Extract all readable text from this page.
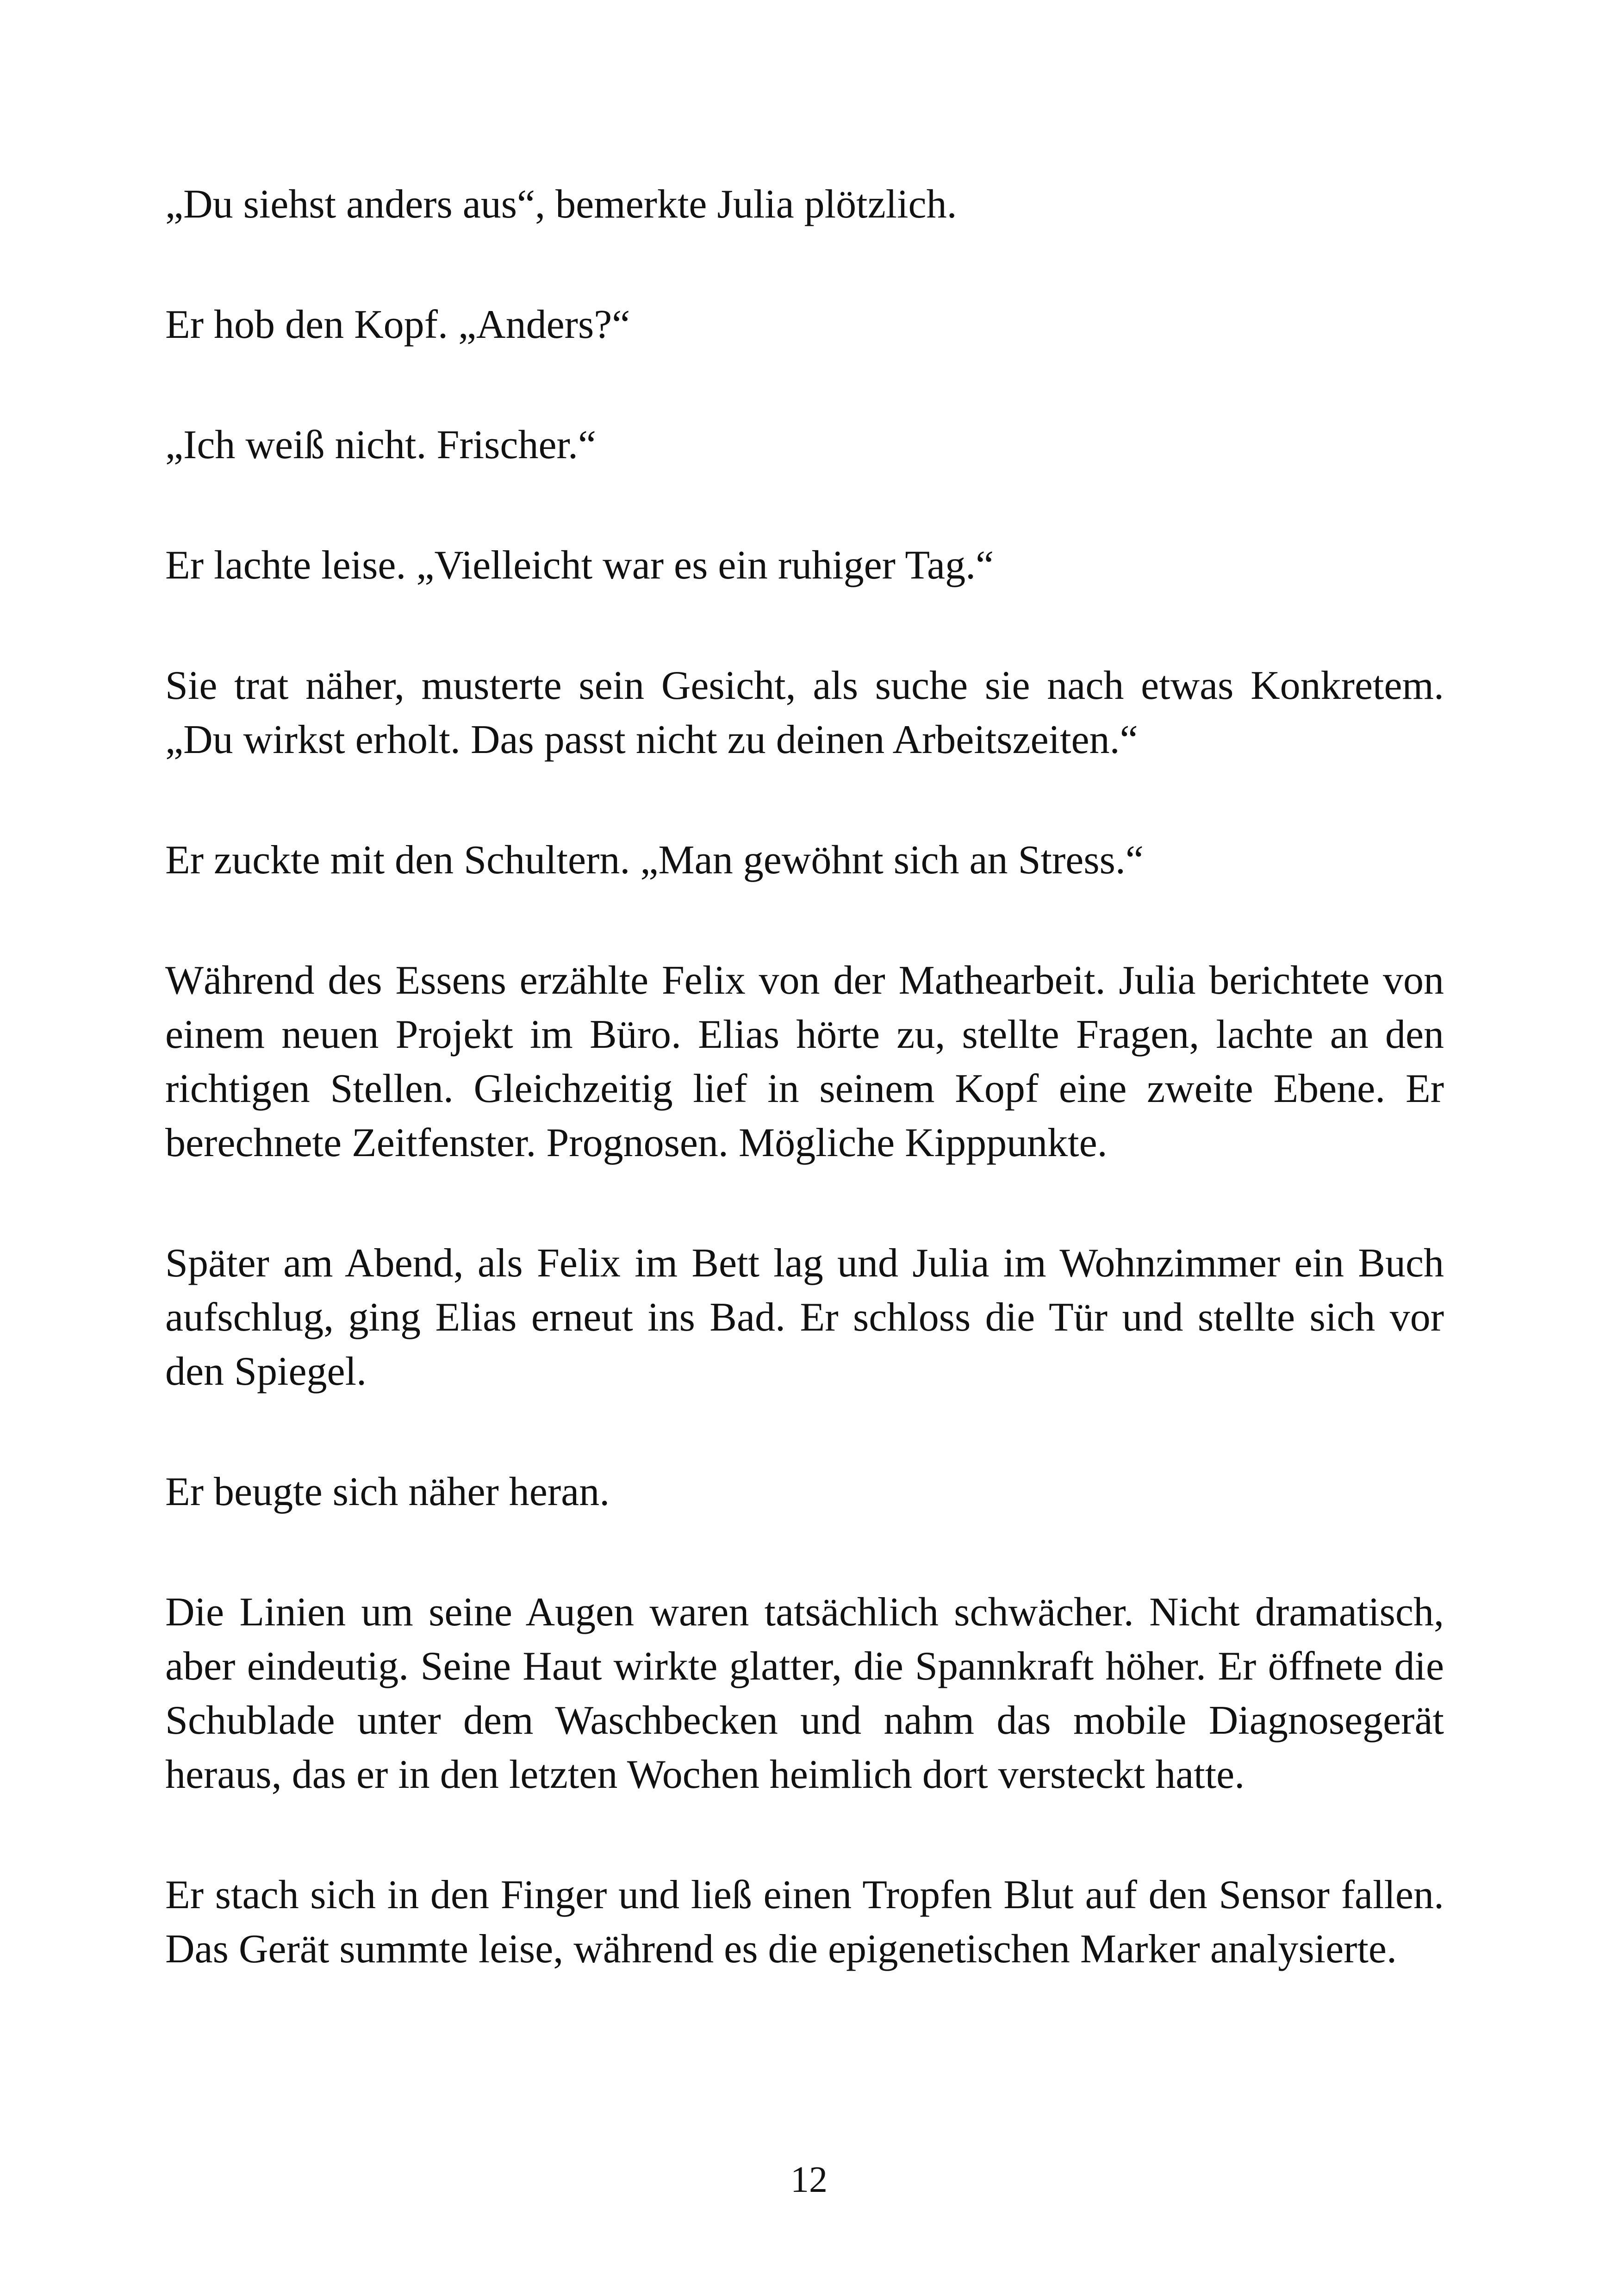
„Du siehst anders aus“, bemerkte Julia plötzlich.

Er hob den Kopf. „Anders?“

„Ich weiß nicht. Frischer.“

Er lachte leise. „Vielleicht war es ein ruhiger Tag.“

Sie trat näher, musterte sein Gesicht, als suche sie nach etwas Konkretem. „Du wirkst erholt. Das passt nicht zu deinen Arbeitszeiten.“

Er zuckte mit den Schultern. „Man gewöhnt sich an Stress.“

Während des Essens erzählte Felix von der Mathearbeit. Julia berichtete von einem neuen Projekt im Büro. Elias hörte zu, stellte Fragen, lachte an den richtigen Stellen. Gleichzeitig lief in seinem Kopf eine zweite Ebene. Er berechnete Zeitfenster. Prognosen. Mögliche Kipppunkte.

Später am Abend, als Felix im Bett lag und Julia im Wohnzimmer ein Buch aufschlug, ging Elias erneut ins Bad. Er schloss die Tür und stellte sich vor den Spiegel.

Er beugte sich näher heran.

Die Linien um seine Augen waren tatsächlich schwächer. Nicht dramatisch, aber eindeutig. Seine Haut wirkte glatter, die Spannkraft höher. Er öffnete die Schublade unter dem Waschbecken und nahm das mobile Diagnosegerät heraus, das er in den letzten Wochen heimlich dort versteckt hatte.

Er stach sich in den Finger und ließ einen Tropfen Blut auf den Sensor fallen. Das Gerät summte leise, während es die epigenetischen Marker analysierte.

12
